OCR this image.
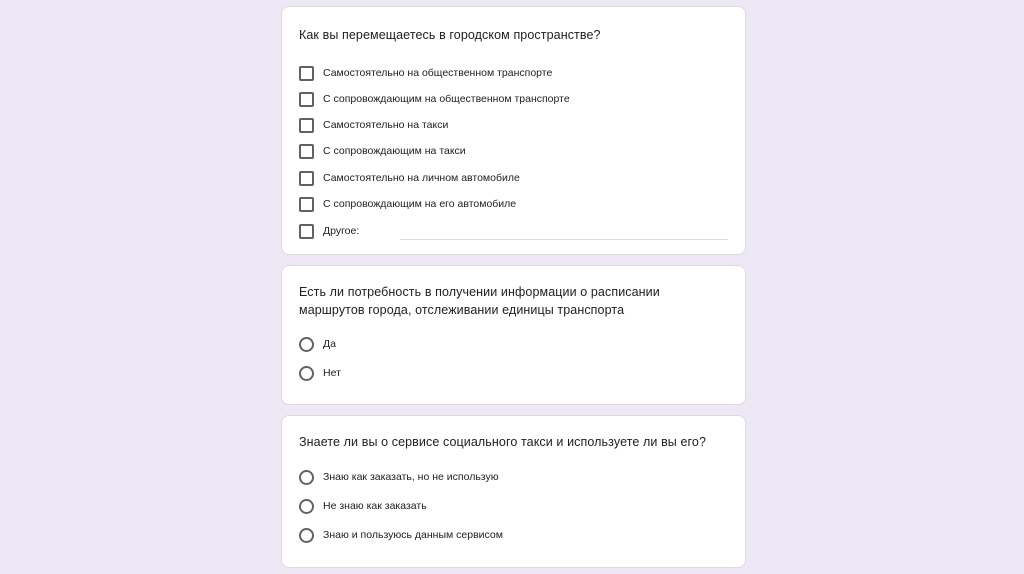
Как вы перемещаетесь в городском пространстве?
Самостоятельно на общественном транспорте
С сопровождающим на общественном транспорте
Самостоятельно на такси
С сопровождающим на такси
Самостоятельно на личном автомобиле
С сопровождающим на его автомобиле
Другое:
Есть ли потребность в получении информации о расписании маршрутов города, отслеживании единицы транспорта
Да
Нет
Знаете ли вы о сервисе социального такси и используете ли вы его?
Знаю как заказать, но не использую
Не знаю как заказать
Знаю и пользуюсь данным сервисом
